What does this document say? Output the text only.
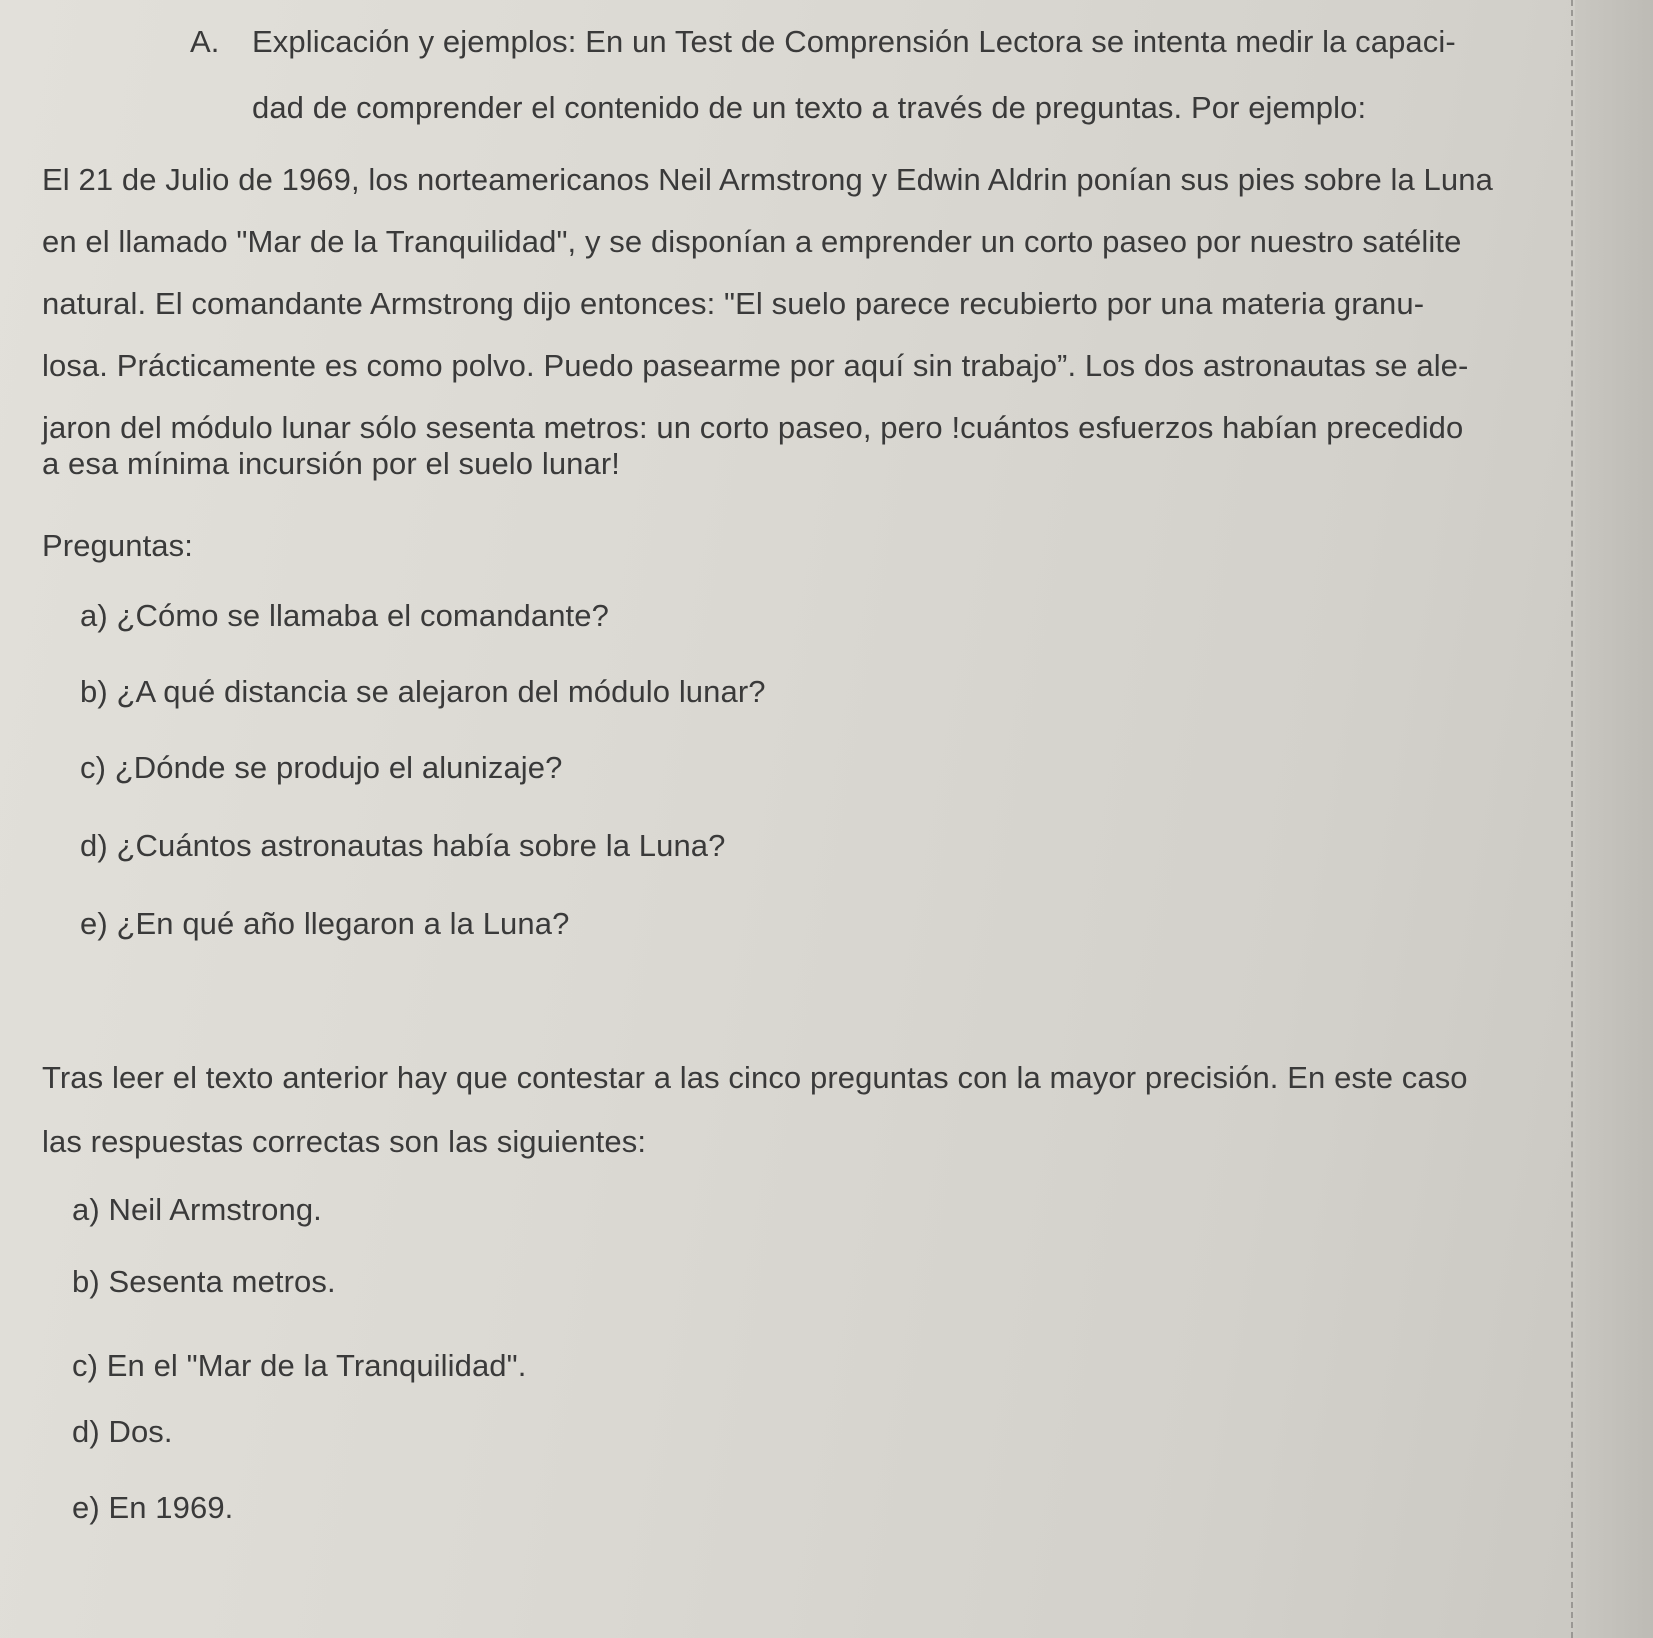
A. Explicación y ejemplos: En un Test de Comprensión Lectora se intenta medir la capaci-
dad de comprender el contenido de un texto a través de preguntas. Por ejemplo:
El 21 de Julio de 1969, los norteamericanos Neil Armstrong y Edwin Aldrin ponían sus pies sobre la Luna
en el llamado "Mar de la Tranquilidad", y se disponían a emprender un corto paseo por nuestro satélite
natural. El comandante Armstrong dijo entonces: "El suelo parece recubierto por una materia granu-
losa. Prácticamente es como polvo. Puedo pasearme por aquí sin trabajo”. Los dos astronautas se ale-
jaron del módulo lunar sólo sesenta metros: un corto paseo, pero !cuántos esfuerzos habían precedido
a esa mínima incursión por el suelo lunar!
Preguntas:
a) ¿Cómo se llamaba el comandante?
b) ¿A qué distancia se alejaron del módulo lunar?
c) ¿Dónde se produjo el alunizaje?
d) ¿Cuántos astronautas había sobre la Luna?
e) ¿En qué año llegaron a la Luna?
Tras leer el texto anterior hay que contestar a las cinco preguntas con la mayor precisión. En este caso
las respuestas correctas son las siguientes:
a) Neil Armstrong.
b) Sesenta metros.
c) En el "Mar de la Tranquilidad".
d) Dos.
e) En 1969.
